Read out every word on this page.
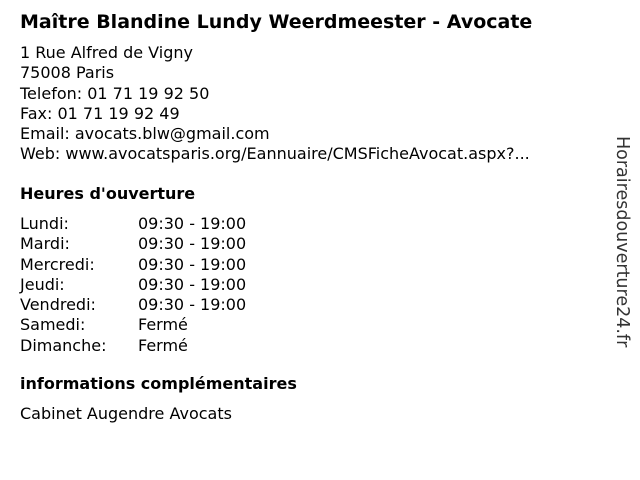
Maître Blandine Lundy Weerdmeester - Avocate
1 Rue Alfred de Vigny
75008 Paris
Telefon: 01 71 19 92 50
Fax: 01 71 19 92 49
Email: avocats.blw@gmail.com
Web: www.avocatsparis.org/Eannuaire/CMSFicheAvocat.aspx?...
Heures d'ouverture
Lundi:	09:30 - 19:00
Mardi:	09:30 - 19:00
Mercredi:	09:30 - 19:00
Jeudi:	09:30 - 19:00
Vendredi:	09:30 - 19:00
Samedi:	Fermé
Dimanche:	Fermé
informations complémentaires
Cabinet Augendre Avocats
Horairesdouverture24.fr
